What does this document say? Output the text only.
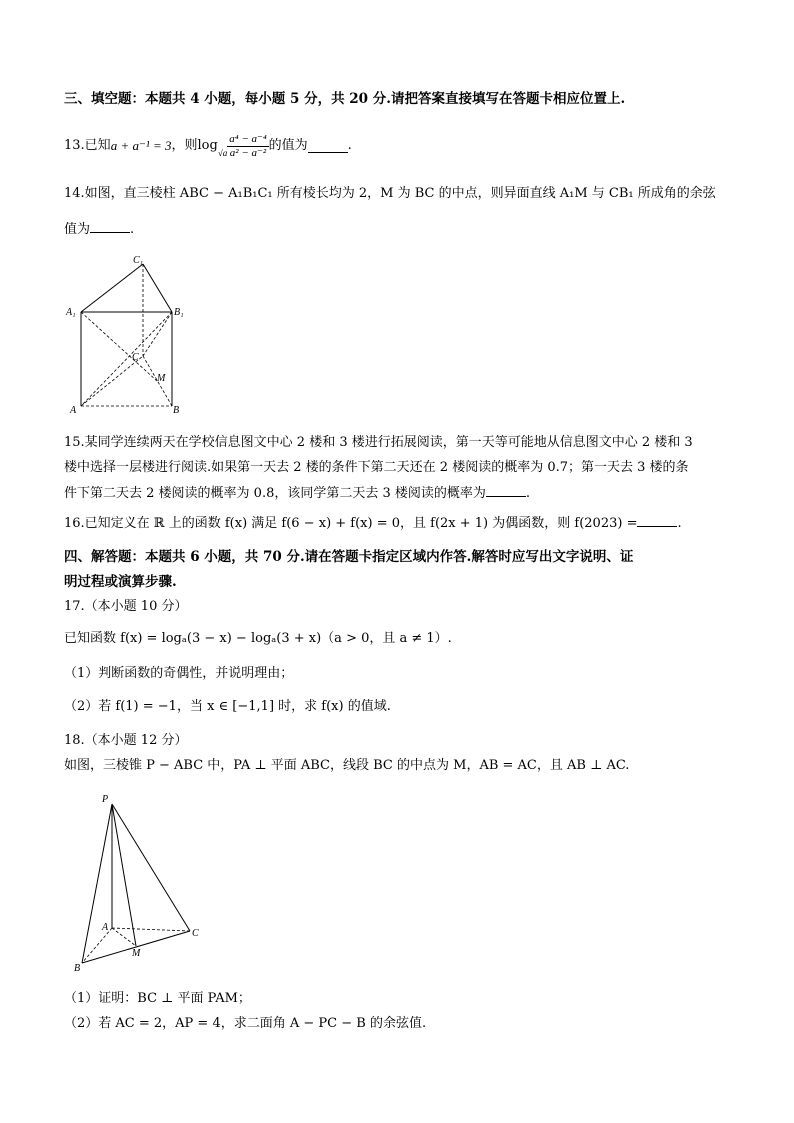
三、填空题：本题共 4 小题，每小题 5 分，共 20 分.请把答案直接填写在答题卡相应位置上.
13.已知 a + a⁻¹ = 3 ，则$\log √a \frac{\text{a⁴ − a⁻⁴}}{\text{a² − a⁻²}}$ 的值为	.
14.如图，直三棱柱 ABC − A₁B₁C₁ 所有棱长均为 2，M 为 BC 的中点，则异面直线 A₁M 与 CB₁ 所成角的余弦
值为	.
C₁
A₁	B₁
C
M
A	B
15.某同学连续两天在学校信息图文中心 2 楼和 3 楼进行拓展阅读，第一天等可能地从信息图文中心 2 楼和 3
楼中选择一层楼进行阅读.如果第一天去 2 楼的条件下第二天还在 2 楼阅读的概率为 0.7；第一天去 3 楼的条
件下第二天去 2 楼阅读的概率为 0.8，该同学第二天去 3 楼阅读的概率为	.
16.已知定义在 ℝ 上的函数 f(x) 满足 f(6 − x) + f(x) = 0，且 f(2x + 1) 为偶函数，则 f(2023) =	.
四、解答题：本题共 6 小题，共 70 分.请在答题卡指定区域内作答.解答时应写出文字说明、证
明过程或演算步骤.
17.（本小题 10 分）
已知函数 f(x) = logₐ(3 − x) − logₐ(3 + x)（a > 0，且 a ≠ 1）.
（1）判断函数的奇偶性，并说明理由；
（2）若 f(1) = −1，当 x ∈ [−1,1] 时，求 f(x) 的值域.
18.（本小题 12 分）
如图，三棱锥 P − ABC 中，PA ⊥ 平面 ABC，线段 BC 的中点为 M，AB = AC，且 AB ⊥ AC.
P
A
B
M
C
（1）证明：BC ⊥ 平面 PAM；
（2）若 AC = 2，AP = 4，求二面角 A − PC − B 的余弦值.
